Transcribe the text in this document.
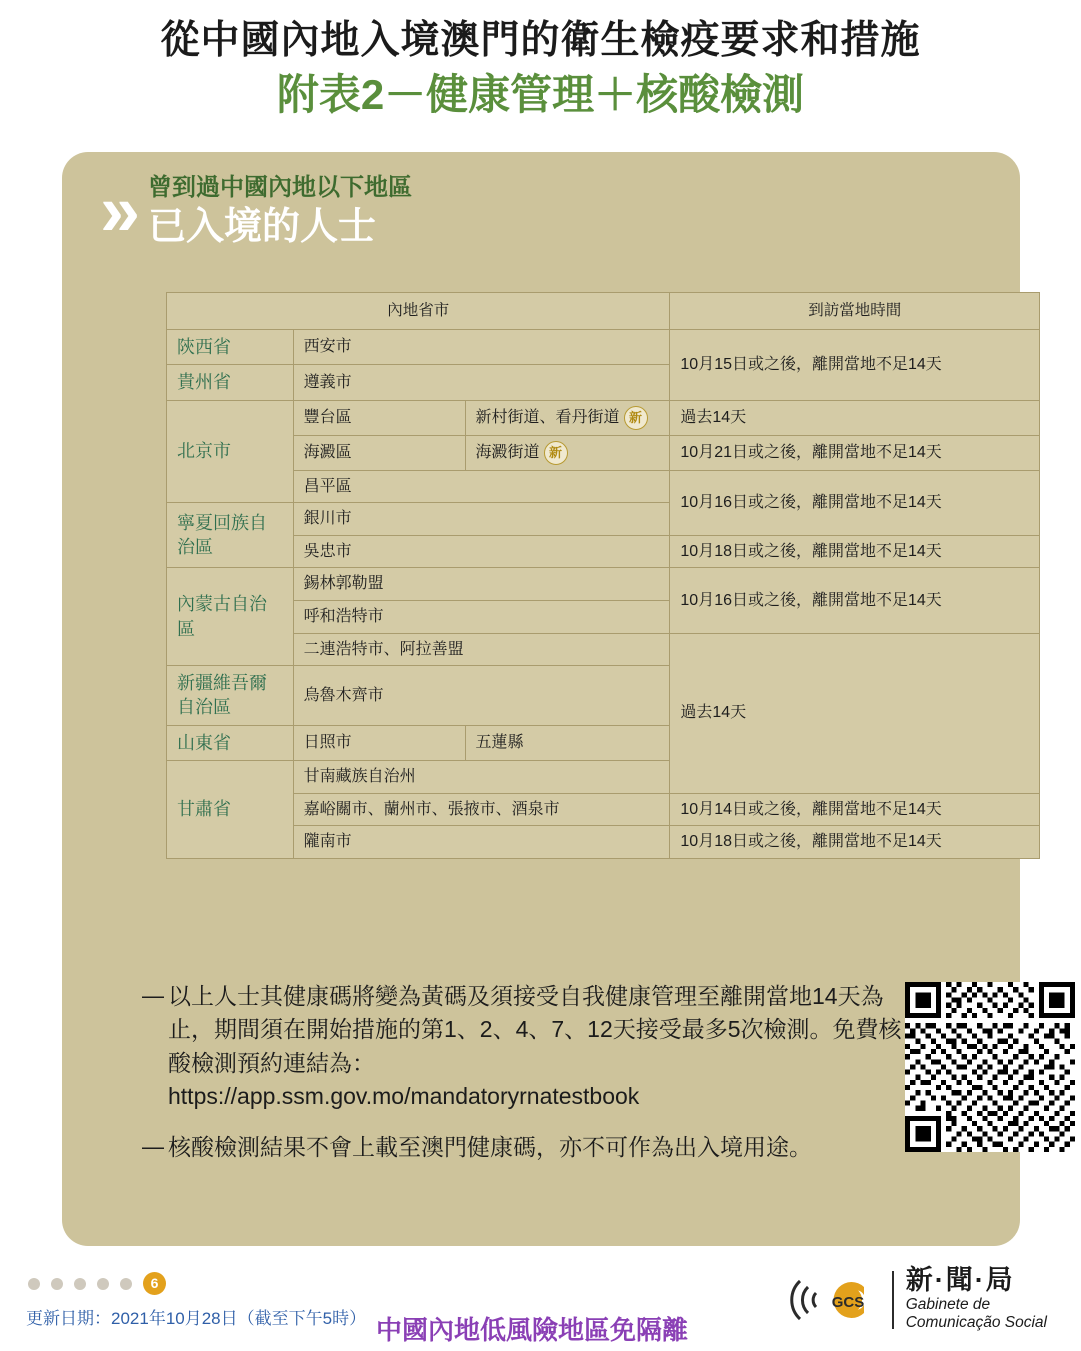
從中國內地入境澳門的衛生檢疫要求和措施
附表2－健康管理＋核酸檢測
» 曾到過中國內地以下地區
已入境的人士
內地省市			到訪當地時間
陝西省	西安市		10月15日或之後，離開當地不足14天
貴州省	遵義市		
北京市	豐台區	新村街道、看丹街道 新	過去14天
	海澱區	海澱街道 新	10月21日或之後，離開當地不足14天
	昌平區		10月16日或之後，離開當地不足14天
寧夏回族自治區	銀川市		
	吳忠市		10月18日或之後，離開當地不足14天
內蒙古自治區	錫林郭勒盟		10月16日或之後，離開當地不足14天
	呼和浩特市		
	二連浩特市、阿拉善盟		過去14天
新疆維吾爾自治區	烏魯木齊市		
山東省	日照市	五蓮縣	
甘肅省	甘南藏族自治州		
	嘉峪關市、蘭州市、張掖市、酒泉市		10月14日或之後，離開當地不足14天
	隴南市		10月18日或之後，離開當地不足14天
— 以上人士其健康碼將變為黃碼及須接受自我健康管理至離開當地14天為止，期間須在開始措施的第1、2、4、7、12天接受最多5次檢測。免費核酸檢測預約連結為：
https://app.ssm.gov.mo/mandatoryrnatestbook
— 核酸檢測結果不會上載至澳門健康碼，亦不可作為出入境用途。
中國內地低風險地區免隔離
6
更新日期：2021年10月28日（截至下午5時）
GCS
新·聞·局
Gabinete de
Comunicação Social
